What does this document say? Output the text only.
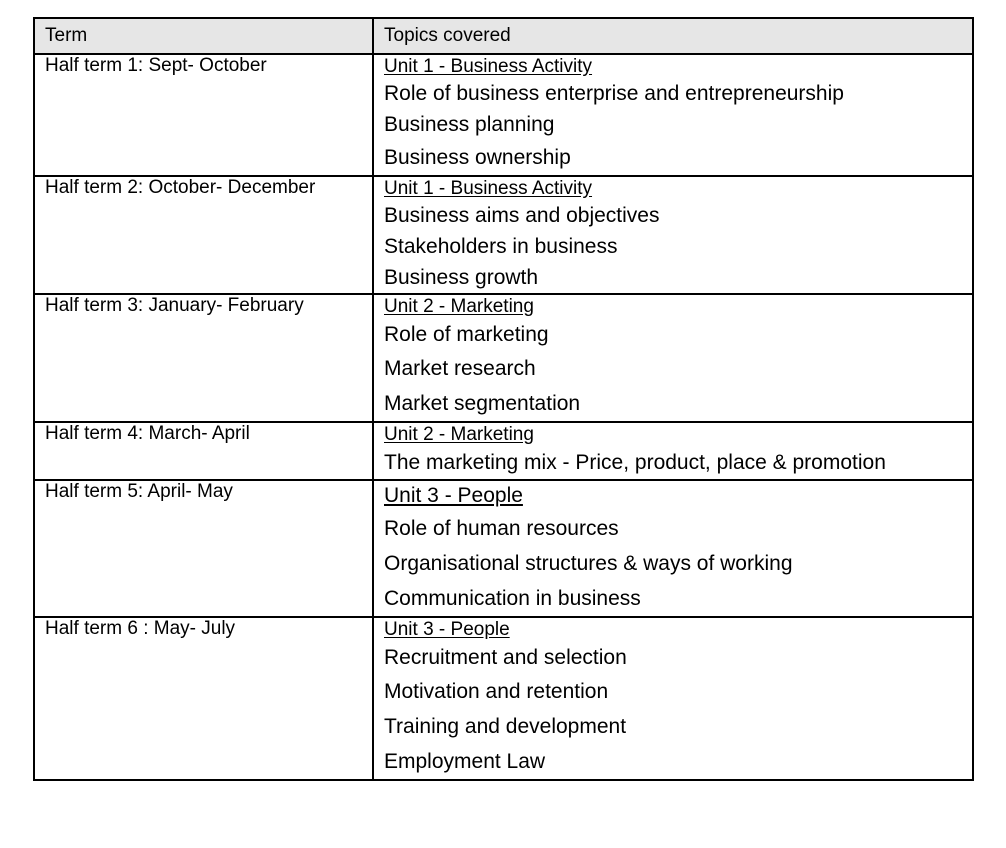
Term	Topics covered
Half term 1: Sept- October	Unit 1 - Business Activity
Role of business enterprise and entrepreneurship
Business planning
Business ownership

Half term 2: October- December	Unit 1 - Business Activity
Business aims and objectives
Stakeholders in business
Business growth

Half term 3: January- February	Unit 2 - Marketing
Role of marketing
Market research
Market segmentation

Half term 4: March- April	Unit 2 - Marketing
The marketing mix - Price, product, place & promotion

Half term 5: April- May	Unit 3 - People
Role of human resources
Organisational structures & ways of working
Communication in business

Half term 6 : May- July	Unit 3 - People
Recruitment and selection
Motivation and retention
Training and development
Employment Law
